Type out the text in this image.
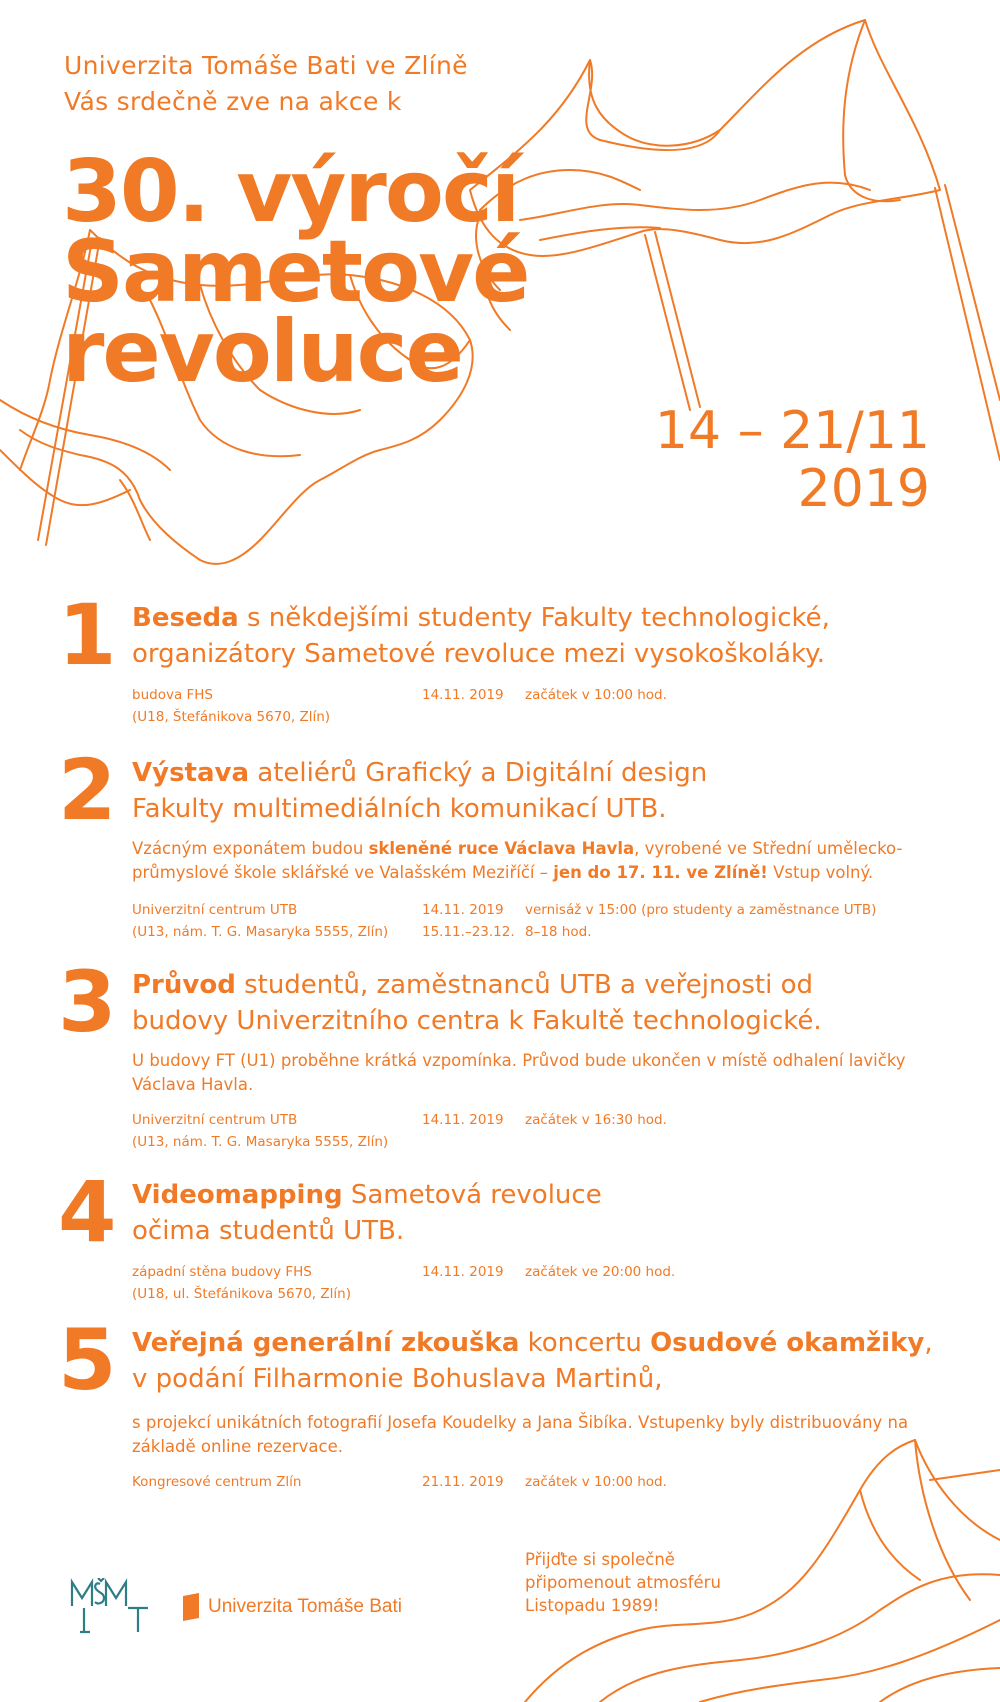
Univerzita Tomáše Bati ve Zlíně
Vás srdečně zve na akce k
30. výročí
Sametové
revoluce
14 – 21/11
2019
1 Beseda s někdejšími studenty Fakulty technologické,
organizátory Sametové revoluce mezi vysokoškoláky.
budova FHS	14.11. 2019	začátek v 10:00 hod.
(U18, Štefánikova 5670, Zlín)
2 Výstava ateliérů Grafický a Digitální design
Fakulty multimediálních komunikací UTB.
Vzácným exponátem budou skleněné ruce Václava Havla, vyrobené ve Střední umělecko-průmyslové škole sklářské ve Valašském Meziříčí – jen do 17. 11. ve Zlíně! Vstup volný.
Univerzitní centrum UTB	14.11. 2019	vernisáž v 15:00 (pro studenty a zaměstnance UTB)
(U13, nám. T. G. Masaryka 5555, Zlín)	15.11.–23.12. 8–18 hod.
3 Průvod studentů, zaměstnanců UTB a veřejnosti od
budovy Univerzitního centra k Fakultě technologické.
U budovy FT (U1) proběhne krátká vzpomínka. Průvod bude ukončen v místě odhalení lavičky Václava Havla.
Univerzitní centrum UTB	14.11. 2019	začátek v 16:30 hod.
(U13, nám. T. G. Masaryka 5555, Zlín)
4 Videomapping Sametová revoluce
očima studentů UTB.
západní stěna budovy FHS	14.11. 2019	začátek ve 20:00 hod.
(U18, ul. Štefánikova 5670, Zlín)
5 Veřejná generální zkouška koncertu Osudové okamžiky,
v podání Filharmonie Bohuslava Martinů,
s projekcí unikátních fotografií Josefa Koudelky a Jana Šibíka. Vstupenky byly distribuovány na základě online rezervace.
Kongresové centrum Zlín	21.11. 2019	začátek v 10:00 hod.
Univerzita Tomáše Bati
Přijďte si společně
připomenout atmosféru
Listopadu 1989!
